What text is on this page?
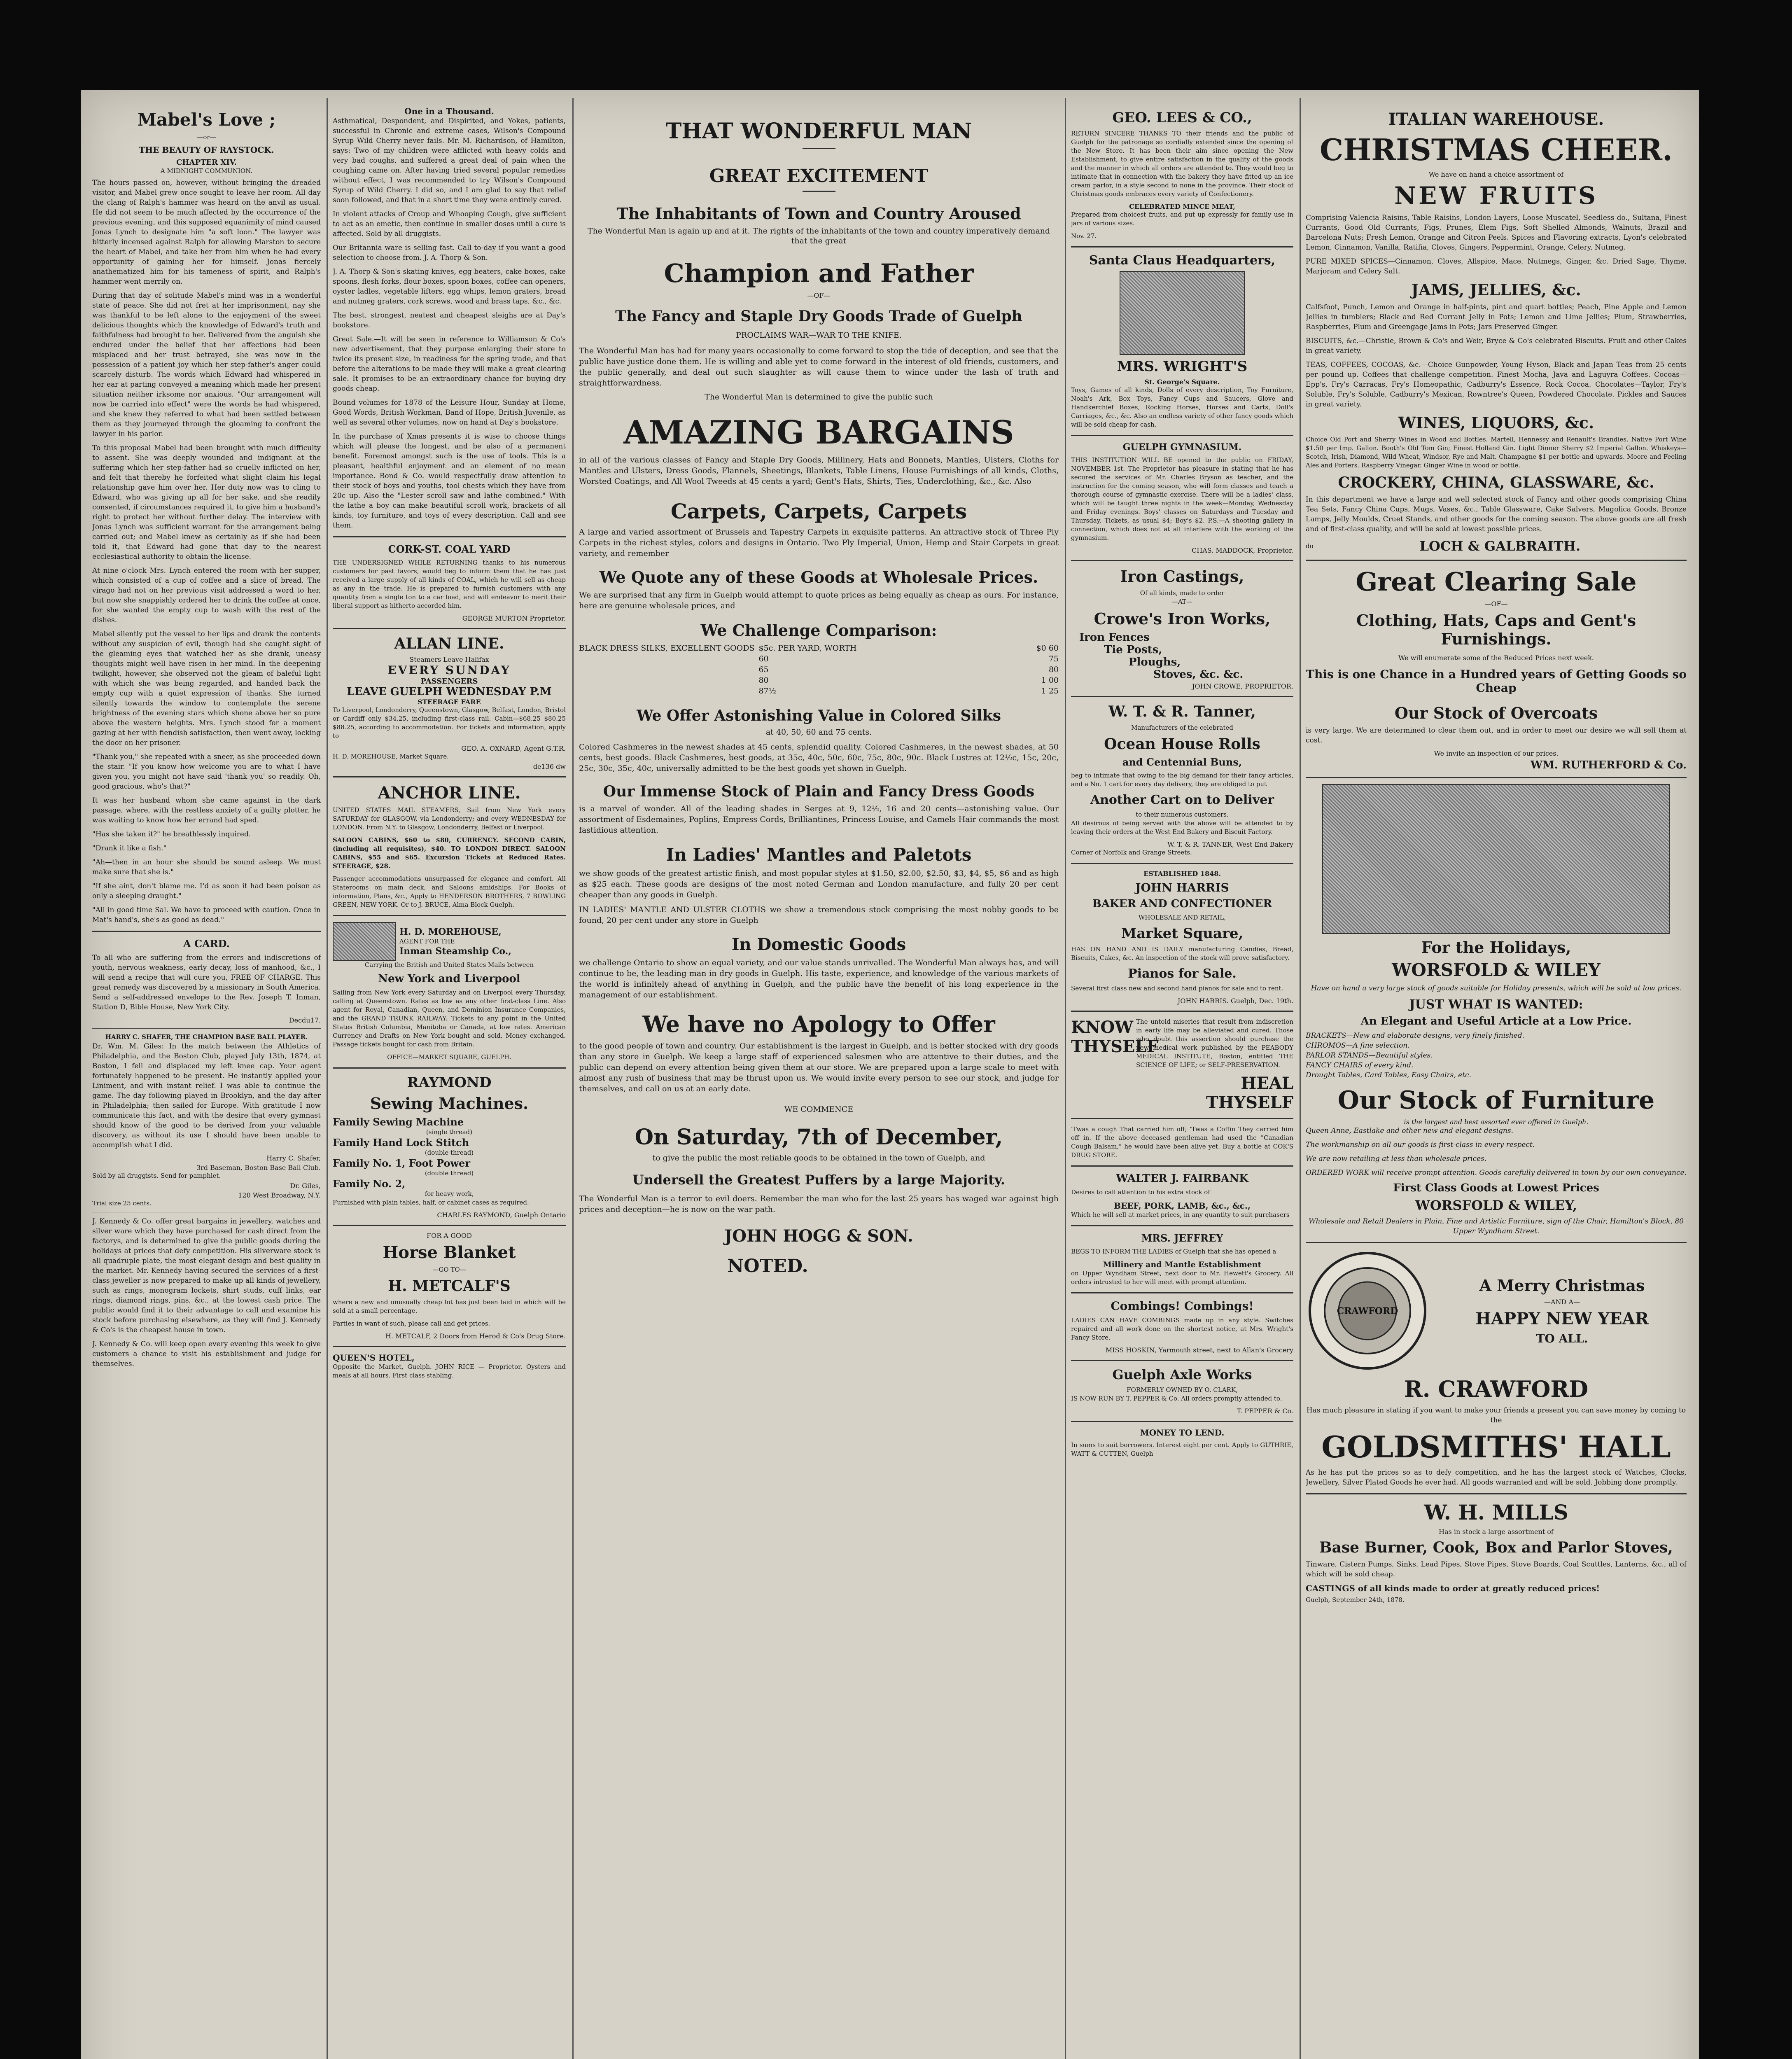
Mabel's Love ;
—or—
THE BEAUTY OF RAYSTOCK.
CHAPTER XIV.
A MIDNIGHT COMMUNION.

The hours passed on, however, without bringing the dreaded visitor, and Mabel grew once sought to leave her room. All day the clang of Ralph's hammer was heard on the anvil as usual. He did not seem to be much affected by the occurrence of the previous evening, and this supposed equanimity of mind caused Jonas Lynch to designate him "a soft loon." The lawyer was bitterly incensed against Ralph for allowing Marston to secure the heart of Mabel, and take her from him when he had every opportunity of gaining her for himself. Jonas fiercely anathematized him for his tameness of spirit, and Ralph's hammer went merrily on.

During that day of solitude Mabel's mind was in a wonderful state of peace. She did not fret at her imprisonment, nay she was thankful to be left alone to the enjoyment of the sweet delicious thoughts which the knowledge of Edward's truth and faithfulness had brought to her. Delivered from the anguish she endured under the belief that her affections had been misplaced and her trust betrayed, she was now in the possession of a patient joy which her step-father's anger could scarcely disturb. The words which Edward had whispered in her ear at parting conveyed a meaning which made her present situation neither irksome nor anxious. "Our arrangement will now be carried into effect" were the words he had whispered, and she knew they referred to what had been settled between them as they journeyed through the gloaming to confront the lawyer in his parlor.

To this proposal Mabel had been brought with much difficulty to assent. She was deeply wounded and indignant at the suffering which her step-father had so cruelly inflicted on her, and felt that thereby he forfeited what slight claim his legal relationship gave him over her. Her duty now was to cling to Edward, who was giving up all for her sake, and she readily consented, if circumstances required it, to give him a husband's right to protect her without further delay. The interview with Jonas Lynch was sufficient warrant for the arrangement being carried out; and Mabel knew as certainly as if she had been told it, that Edward had gone that day to the nearest ecclesiastical authority to obtain the license.

At nine o'clock Mrs. Lynch entered the room with her supper, which consisted of a cup of coffee and a slice of bread. The virago had not on her previous visit addressed a word to her, but now she snappishly ordered her to drink the coffee at once, for she wanted the empty cup to wash with the rest of the dishes.

Mabel silently put the vessel to her lips and drank the contents without any suspicion of evil, though had she caught sight of the gleaming eyes that watched her as she drank, uneasy thoughts might well have risen in her mind. In the deepening twilight, however, she observed not the gleam of baleful light with which she was being regarded, and handed back the empty cup with a quiet expression of thanks. She turned silently towards the window to contemplate the serene brightness of the evening stars which shone above her so pure above the western heights. Mrs. Lynch stood for a moment gazing at her with fiendish satisfaction, then went away, locking the door on her prisoner.

"Thank you," she repeated with a sneer, as she proceeded down the stair. "If you know how welcome you are to what I have given you, you might not have said 'thank you' so readily. Oh, good gracious, who's that?"

It was her husband whom she came against in the dark passage, where, with the restless anxiety of a guilty plotter, he was waiting to know how her errand had sped.

"Has she taken it?" he breathlessly inquired.

"Drank it like a fish."

"Ah—then in an hour she should be sound asleep. We must make sure that she is."

"If she aint, don't blame me. I'd as soon it had been poison as only a sleeping draught."

"All in good time Sal. We have to proceed with caution. Once in Mat's hand's, she's as good as dead."

A CARD.

To all who are suffering from the errors and indiscretions of youth, nervous weakness, early decay, loss of manhood, &c., I will send a recipe that will cure you, FREE OF CHARGE. This great remedy was discovered by a missionary in South America. Send a self-addressed envelope to the Rev. Joseph T. Inman, Station D, Bible House, New York City.

Decdu17.
HARRY C. SHAFER, THE CHAMPION BASE BALL PLAYER.

Dr. Wm. M. Giles: In the match between the Athletics of Philadelphia, and the Boston Club, played July 13th, 1874, at Boston, I fell and displaced my left knee cap. Your agent fortunately happened to be present. He instantly applied your Liniment, and with instant relief. I was able to continue the game. The day following played in Brooklyn, and the day after in Philadelphia; then sailed for Europe. With gratitude I now communicate this fact, and with the desire that every gymnast should know of the good to be derived from your valuable discovery, as without its use I should have been unable to accomplish what I did.

Harry C. Shafer,
3rd Baseman, Boston Base Ball Club.
Sold by all druggists. Send for pamphlet.
Dr. Giles,
120 West Broadway, N.Y.
Trial size 25 cents.

J. Kennedy & Co. offer great bargains in jewellery, watches and silver ware which they have purchased for cash direct from the factorys, and is determined to give the public goods during the holidays at prices that defy competition. His silverware stock is all quadruple plate, the most elegant design and best quality in the market. Mr. Kennedy having secured the services of a first-class jeweller is now prepared to make up all kinds of jewellery, such as rings, monogram lockets, shirt studs, cuff links, ear rings, diamond rings, pins, &c., at the lowest cash price. The public would find it to their advantage to call and examine his stock before purchasing elsewhere, as they will find J. Kennedy & Co's is the cheapest house in town.

J. Kennedy & Co. will keep open every evening this week to give customers a chance to visit his establishment and judge for themselves.

One in a Thousand.

Asthmatical, Despondent, and Dispirited, and Yokes, patients, successful in Chronic and extreme cases, Wilson's Compound Syrup Wild Cherry never fails. Mr. M. Richardson, of Hamilton, says: Two of my children were afflicted with heavy colds and very bad coughs, and suffered a great deal of pain when the coughing came on. After having tried several popular remedies without effect, I was recommended to try Wilson's Compound Syrup of Wild Cherry. I did so, and I am glad to say that relief soon followed, and that in a short time they were entirely cured.

In violent attacks of Croup and Whooping Cough, give sufficient to act as an emetic, then continue in smaller doses until a cure is affected. Sold by all druggists.

Our Britannia ware is selling fast. Call to-day if you want a good selection to choose from. J. A. Thorp & Son.

J. A. Thorp & Son's skating knives, egg beaters, cake boxes, cake spoons, flesh forks, flour boxes, spoon boxes, coffee can openers, oyster ladles, vegetable lifters, egg whips, lemon graters, bread and nutmeg graters, cork screws, wood and brass taps, &c., &c.

The best, strongest, neatest and cheapest sleighs are at Day's bookstore.

Great Sale.—It will be seen in reference to Williamson & Co's new advertisement, that they purpose enlarging their store to twice its present size, in readiness for the spring trade, and that before the alterations to be made they will make a great clearing sale. It promises to be an extraordinary chance for buying dry goods cheap.

Bound volumes for 1878 of the Leisure Hour, Sunday at Home, Good Words, British Workman, Band of Hope, British Juvenile, as well as several other volumes, now on hand at Day's bookstore.

In the purchase of Xmas presents it is wise to choose things which will please the longest, and be also of a permanent benefit. Foremost amongst such is the use of tools. This is a pleasant, healthful enjoyment and an element of no mean importance. Bond & Co. would respectfully draw attention to their stock of boys and youths, tool chests which they have from 20c up. Also the "Lester scroll saw and lathe combined." With the lathe a boy can make beautiful scroll work, brackets of all kinds, toy furniture, and toys of every description. Call and see them.

CORK-ST. COAL YARD

THE UNDERSIGNED WHILE RETURNING thanks to his numerous customers for past favors, would beg to inform them that he has just received a large supply of all kinds of COAL, which he will sell as cheap as any in the trade. He is prepared to furnish customers with any quantity from a single ton to a car load, and will endeavor to merit their liberal support as hitherto accorded him.

GEORGE MURTON Proprietor.
ALLAN LINE.
Steamers Leave Halifax
EVERY SUNDAY
PASSENGERS
LEAVE GUELPH WEDNESDAY P.M
STEERAGE FARE

To Liverpool, Londonderry, Queenstown, Glasgow, Belfast, London, Bristol or Cardiff only $34.25, including first-class rail. Cabin—$68.25 $80.25 $88.25, according to accommodation. For tickets and information, apply to

GEO. A. OXNARD, Agent G.T.R.
H. D. MOREHOUSE, Market Square.
de136 dw
ANCHOR LINE.

UNITED STATES MAIL STEAMERS, Sail from New York every SATURDAY for GLASGOW, via Londonderry; and every WEDNESDAY for LONDON. From N.Y. to Glasgow, Londonderry, Belfast or Liverpool.

SALOON CABINS, $60 to $80, CURRENCY. SECOND CABIN, (including all requisites), $40. TO LONDON DIRECT. SALOON CABINS, $55 and $65. Excursion Tickets at Reduced Rates. STEERAGE, $28.

Passenger accommodations unsurpassed for elegance and comfort. All Staterooms on main deck, and Saloons amidships. For Books of information, Plans, &c., Apply to HENDERSON BROTHERS, 7 BOWLING GREEN, NEW YORK. Or to J. BRUCE, Alma Block Guelph.

H. D. MOREHOUSE,
AGENT FOR THE
Inman Steamship Co.,
Carrying the British and United States Mails between
New York and Liverpool

Sailing from New York every Saturday and on Liverpool every Thursday, calling at Queenstown. Rates as low as any other first-class Line. Also agent for Royal, Canadian, Queen, and Dominion Insurance Companies, and the GRAND TRUNK RAILWAY. Tickets to any point in the United States British Columbia, Manitoba or Canada, at low rates. American Currency and Drafts on New York bought and sold. Money exchanged. Passage tickets bought for cash from Britain.

OFFICE—MARKET SQUARE, GUELPH.
RAYMOND
Sewing Machines.
Family Sewing Machine
(single thread)
Family Hand Lock Stitch
(double thread)
Family No. 1, Foot Power
(double thread)
Family No. 2,
for heavy work,

Furnished with plain tables, half, or cabinet cases as required.

CHARLES RAYMOND, Guelph Ontario
FOR A GOOD
Horse Blanket
—GO TO—
H. METCALF'S

where a new and unusually cheap lot has just been laid in which will be sold at a small percentage.

Parties in want of such, please call and get prices.

H. METCALF, 2 Doors from Herod & Co's Drug Store.
QUEEN'S HOTEL,

Opposite the Market, Guelph. JOHN RICE — Proprietor. Oysters and meals at all hours. First class stabling.

THAT WONDERFUL MAN
GREAT EXCITEMENT
The Inhabitants of Town and Country Aroused

The Wonderful Man is again up and at it. The rights of the inhabitants of the town and country imperatively demand that the great

Champion and Father
—OF—
The Fancy and Staple Dry Goods Trade of Guelph
PROCLAIMS WAR—WAR TO THE KNIFE.

The Wonderful Man has had for many years occasionally to come forward to stop the tide of deception, and see that the public have justice done them. He is willing and able yet to come forward in the interest of old friends, customers, and the public generally, and deal out such slaughter as will cause them to wince under the lash of truth and straightforwardness.

The Wonderful Man is determined to give the public such
AMAZING BARGAINS

in all of the various classes of Fancy and Staple Dry Goods, Millinery, Hats and Bonnets, Mantles, Ulsters, Cloths for Mantles and Ulsters, Dress Goods, Flannels, Sheetings, Blankets, Table Linens, House Furnishings of all kinds, Cloths, Worsted Coatings, and All Wool Tweeds at 45 cents a yard; Gent's Hats, Shirts, Ties, Underclothing, &c., &c. Also

Carpets, Carpets, Carpets

A large and varied assortment of Brussels and Tapestry Carpets in exquisite patterns. An attractive stock of Three Ply Carpets in the richest styles, colors and designs in Ontario. Two Ply Imperial, Union, Hemp and Stair Carpets in great variety, and remember

We Quote any of these Goods at Wholesale Prices.

We are surprised that any firm in Guelph would attempt to quote prices as being equally as cheap as ours. For instance, here are genuine wholesale prices, and

We Challenge Comparison:
BLACK DRESS SILKS, EXCELLENT GOODS $5c. PER YARD, WORTH	$0 60
60	75
65	80
80	1 00
87½	1 25
We Offer Astonishing Value in Colored Silks
at 40, 50, 60 and 75 cents.

Colored Cashmeres in the newest shades at 45 cents, splendid quality. Colored Cashmeres, in the newest shades, at 50 cents, best goods. Black Cashmeres, best goods, at 35c, 40c, 50c, 60c, 75c, 80c, 90c. Black Lustres at 12½c, 15c, 20c, 25c, 30c, 35c, 40c, universally admitted to be the best goods yet shown in Guelph.

Our Immense Stock of Plain and Fancy Dress Goods

is a marvel of wonder. All of the leading shades in Serges at 9, 12½, 16 and 20 cents—astonishing value. Our assortment of Esdemaines, Poplins, Empress Cords, Brilliantines, Princess Louise, and Camels Hair commands the most fastidious attention.

In Ladies' Mantles and Paletots

we show goods of the greatest artistic finish, and most popular styles at $1.50, $2.00, $2.50, $3, $4, $5, $6 and as high as $25 each. These goods are designs of the most noted German and London manufacture, and fully 20 per cent cheaper than any goods in Guelph.

IN LADIES' MANTLE AND ULSTER CLOTHS we show a tremendous stock comprising the most nobby goods to be found, 20 per cent under any store in Guelph

In Domestic Goods

we challenge Ontario to show an equal variety, and our value stands unrivalled. The Wonderful Man always has, and will continue to be, the leading man in dry goods in Guelph. His taste, experience, and knowledge of the various markets of the world is infinitely ahead of anything in Guelph, and the public have the benefit of his long experience in the management of our establishment.

We have no Apology to Offer

to the good people of town and country. Our establishment is the largest in Guelph, and is better stocked with dry goods than any store in Guelph. We keep a large staff of experienced salesmen who are attentive to their duties, and the public can depend on every attention being given them at our store. We are prepared upon a large scale to meet with almost any rush of business that may be thrust upon us. We would invite every person to see our stock, and judge for themselves, and call on us at an early date.

WE COMMENCE
On Saturday, 7th of December,

to give the public the most reliable goods to be obtained in the town of Guelph, and

Undersell the Greatest Puffers by a large Majority.

The Wonderful Man is a terror to evil doers. Remember the man who for the last 25 years has waged war against high prices and deception—he is now on the war path.

JOHN HOGG & SON.
NOTED.
GEO. LEES & CO.,

RETURN SINCERE THANKS TO their friends and the public of Guelph for the patronage so cordially extended since the opening of the New Store. It has been their aim since opening the New Establishment, to give entire satisfaction in the quality of the goods and the manner in which all orders are attended to. They would beg to intimate that in connection with the bakery they have fitted up an ice cream parlor, in a style second to none in the province. Their stock of Christmas goods embraces every variety of Confectionery.

CELEBRATED MINCE MEAT,

Prepared from choicest fruits, and put up expressly for family use in jars of various sizes.

Nov. 27.
Santa Claus Headquarters,
MRS. WRIGHT'S
St. George's Square.

Toys, Games of all kinds, Dolls of every description, Toy Furniture, Noah's Ark, Box Toys, Fancy Cups and Saucers, Glove and Handkerchief Boxes, Rocking Horses, Horses and Carts, Doll's Carriages, &c., &c. Also an endless variety of other fancy goods which will be sold cheap for cash.

GUELPH GYMNASIUM.

THIS INSTITUTION WILL BE opened to the public on FRIDAY, NOVEMBER 1st. The Proprietor has pleasure in stating that he has secured the services of Mr. Charles Bryson as teacher, and the instruction for the coming season, who will form classes and teach a thorough course of gymnastic exercise. There will be a ladies' class, which will be taught three nights in the week—Monday, Wednesday and Friday evenings. Boys' classes on Saturdays and Tuesday and Thursday. Tickets, as usual $4; Boy's $2. P.S.—A shooting gallery in connection, which does not at all interfere with the working of the gymnasium.

CHAS. MADDOCK, Proprietor.
Iron Castings,
Of all kinds, made to order
—AT—
Crowe's Iron Works,
Iron Fences
Tie Posts,
Ploughs,
Stoves, &c. &c.
JOHN CROWE, PROPRIETOR.
W. T. & R. Tanner,
Manufacturers of the celebrated
Ocean House Rolls
and Centennial Buns,

beg to intimate that owing to the big demand for their fancy articles, and a No. 1 cart for every day delivery, they are obliged to put

Another Cart on to Deliver
to their numerous customers.

All desirous of being served with the above will be attended to by leaving their orders at the West End Bakery and Biscuit Factory.

W. T. & R. TANNER, West End Bakery
Corner of Norfolk and Grange Streets.
ESTABLISHED 1848.
JOHN HARRIS
BAKER AND CONFECTIONER
WHOLESALE AND RETAIL,
Market Square,

HAS ON HAND AND IS DAILY manufacturing Candies, Bread, Biscuits, Cakes, &c. An inspection of the stock will prove satisfactory.

Pianos for Sale.

Several first class new and second hand pianos for sale and to rent.

JOHN HARRIS. Guelph, Dec. 19th.
KNOW
THYSELF

The untold miseries that result from indiscretion in early life may be alleviated and cured. Those who doubt this assertion should purchase the new medical work published by the PEABODY MEDICAL INSTITUTE, Boston, entitled THE SCIENCE OF LIFE; or SELF-PRESERVATION.

HEAL
THYSELF

'Twas a cough That carried him off; 'Twas a Coffin They carried him off in. If the above deceased gentleman had used the "Canadian Cough Balsam," he would have been alive yet. Buy a bottle at COK'S DRUG STORE.

WALTER J. FAIRBANK

Desires to call attention to his extra stock of

BEEF, PORK, LAMB, &c., &c.,

Which he will sell at market prices, in any quantity to suit purchasers

MRS. JEFFREY

BEGS TO INFORM THE LADIES of Guelph that she has opened a

Millinery and Mantle Establishment

on Upper Wyndham Street, next door to Mr. Hewett's Grocery. All orders intrusted to her will meet with prompt attention.

Combings! Combings!

LADIES CAN HAVE COMBINGS made up in any style. Switches repaired and all work done on the shortest notice, at Mrs. Wright's Fancy Store.

MISS HOSKIN, Yarmouth street, next to Allan's Grocery
Guelph Axle Works
FORMERLY OWNED BY O. CLARK,

IS NOW RUN BY T. PEPPER & Co. All orders promptly attended to.

T. PEPPER & Co.
MONEY TO LEND.

In sums to suit borrowers. Interest eight per cent. Apply to GUTHRIE, WATT & CUTTEN, Guelph

ITALIAN WAREHOUSE.
CHRISTMAS CHEER.
We have on hand a choice assortment of
NEW FRUITS

Comprising Valencia Raisins, Table Raisins, London Layers, Loose Muscatel, Seedless do., Sultana, Finest Currants, Good Old Currants, Figs, Prunes, Elem Figs, Soft Shelled Almonds, Walnuts, Brazil and Barcelona Nuts; Fresh Lemon, Orange and Citron Peels. Spices and Flavoring extracts, Lyon's celebrated Lemon, Cinnamon, Vanilla, Ratifia, Cloves, Gingers, Peppermint, Orange, Celery, Nutmeg.

PURE MIXED SPICES—Cinnamon, Cloves, Allspice, Mace, Nutmegs, Ginger, &c. Dried Sage, Thyme, Marjoram and Celery Salt.

JAMS, JELLIES, &c.

Calfsfoot, Punch, Lemon and Orange in half-pints, pint and quart bottles; Peach, Pine Apple and Lemon Jellies in tumblers; Black and Red Currant Jelly in Pots; Lemon and Lime Jellies; Plum, Strawberries, Raspberries, Plum and Greengage Jams in Pots; Jars Preserved Ginger.

BISCUITS, &c.—Christie, Brown & Co's and Weir, Bryce & Co's celebrated Biscuits. Fruit and other Cakes in great variety.

TEAS, COFFEES, COCOAS, &c.—Choice Gunpowder, Young Hyson, Black and Japan Teas from 25 cents per pound up. Coffees that challenge competition. Finest Mocha, Java and Laguyra Coffees. Cocoas—Epp's, Fry's Carracas, Fry's Homeopathic, Cadburry's Essence, Rock Cocoa. Chocolates—Taylor, Fry's Soluble, Fry's Soluble, Cadburry's Mexican, Rowntree's Queen, Powdered Chocolate. Pickles and Sauces in great variety.

WINES, LIQUORS, &c.

Choice Old Port and Sherry Wines in Wood and Bottles. Martell, Hennessy and Renault's Brandies. Native Port Wine $1.50 per Imp. Gallon. Booth's Old Tom Gin; Finest Holland Gin. Light Dinner Sherry $2 Imperial Gallon. Whiskeys—Scotch, Irish, Diamond, Wild Wheat, Windsor, Rye and Malt. Champagne $1 per bottle and upwards. Moore and Feeling Ales and Porters. Raspberry Vinegar. Ginger Wine in wood or bottle.

CROCKERY, CHINA, GLASSWARE, &c.

In this department we have a large and well selected stock of Fancy and other goods comprising China Tea Sets, Fancy China Cups, Mugs, Vases, &c., Table Glassware, Cake Salvers, Magolica Goods, Bronze Lamps, Jelly Moulds, Cruet Stands, and other goods for the coming season. The above goods are all fresh and of first-class quality, and will be sold at lowest possible prices.

do	LOCH & GALBRAITH.
Great Clearing Sale
—OF—
Clothing, Hats, Caps and Gent's Furnishings.
We will enumerate some of the Reduced Prices next week.
This is one Chance in a Hundred years of Getting Goods so Cheap
Our Stock of Overcoats

is very large. We are determined to clear them out, and in order to meet our desire we will sell them at cost.

We invite an inspection of our prices.
WM. RUTHERFORD & Co.
For the Holidays,
WORSFOLD & WILEY

Have on hand a very large stock of goods suitable for Holiday presents, which will be sold at low prices.

JUST WHAT IS WANTED:
An Elegant and Useful Article at a Low Price.
BRACKETS—New and elaborate designs, very finely finished.
CHROMOS—A fine selection.
PARLOR STANDS—Beautiful styles.
FANCY CHAIRS of every kind.
Drought Tables, Card Tables, Easy Chairs, etc.
Our Stock of Furniture
is the largest and best assorted ever offered in Guelph.

Queen Anne, Eastlake and other new and elegant designs.

The workmanship on all our goods is first-class in every respect.

We are now retailing at less than wholesale prices.

ORDERED WORK will receive prompt attention. Goods carefully delivered in town by our own conveyance.

First Class Goods at Lowest Prices
WORSFOLD & WILEY,

Wholesale and Retail Dealers in Plain, Fine and Artistic Furniture, sign of the Chair, Hamilton's Block, 80 Upper Wyndham Street.

CRAWFORD
A Merry Christmas
—AND A—
HAPPY NEW YEAR
TO ALL.
R. CRAWFORD

Has much pleasure in stating if you want to make your friends a present you can save money by coming to the

GOLDSMITHS' HALL

As he has put the prices so as to defy competition, and he has the largest stock of Watches, Clocks, Jewellery, Silver Plated Goods he ever had. All goods warranted and will be sold. Jobbing done promptly.

W. H. MILLS
Has in stock a large assortment of
Base Burner, Cook, Box and Parlor Stoves,

Tinware, Cistern Pumps, Sinks, Lead Pipes, Stove Pipes, Stove Boards, Coal Scuttles, Lanterns, &c., all of which will be sold cheap.

CASTINGS of all kinds made to order at greatly reduced prices!
Guelph, September 24th, 1878.
